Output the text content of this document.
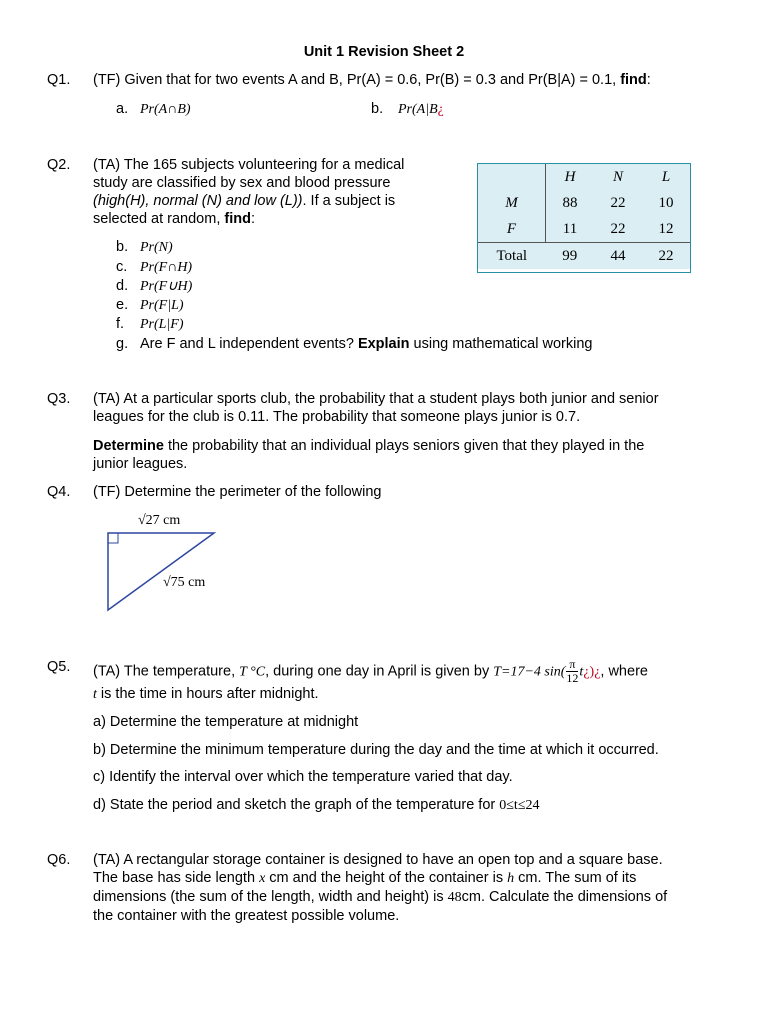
Unit 1 Revision Sheet 2
Q1. (TF) Given that for two events A and B, Pr(A) = 0.6, Pr(B) = 0.3 and Pr(B|A) = 0.1, find:
a. Pr(A∩B)	b. Pr(A|B¿
Q2. (TA) The 165 subjects volunteering for a medical
study are classified by sex and blood pressure
(high(H), normal (N) and low (L)). If a subject is
selected at random, find:
b. Pr(N)
c. Pr(F∩H)
d. Pr(F∪H)
e. Pr(F|L)
f. Pr(L|F)
g. Are F and L independent events? Explain using mathematical working
	H	N	L
M	88	22	10
F	11	22	12
Total	99	44	22
Q3. (TA) At a particular sports club, the probability that a student plays both junior and senior
leagues for the club is 0.11. The probability that someone plays junior is 0.7.
Determine the probability that an individual plays seniors given that they played in the
junior leagues.
Q4. (TF) Determine the perimeter of the following
√27 cm
√75 cm
Q5. (TA) The temperature, T °C, during one day in April is given by T=17−4 $\sin( \frac{\pi}{12}$ t¿)¿, where
t is the time in hours after midnight.
a) Determine the temperature at midnight
b) Determine the minimum temperature during the day and the time at which it occurred.
c) Identify the interval over which the temperature varied that day.
d) State the period and sketch the graph of the temperature for 0≤t≤24
Q6. (TA) A rectangular storage container is designed to have an open top and a square base.
The base has side length x cm and the height of the container is h cm. The sum of its
dimensions (the sum of the length, width and height) is 48cm. Calculate the dimensions of
the container with the greatest possible volume.
